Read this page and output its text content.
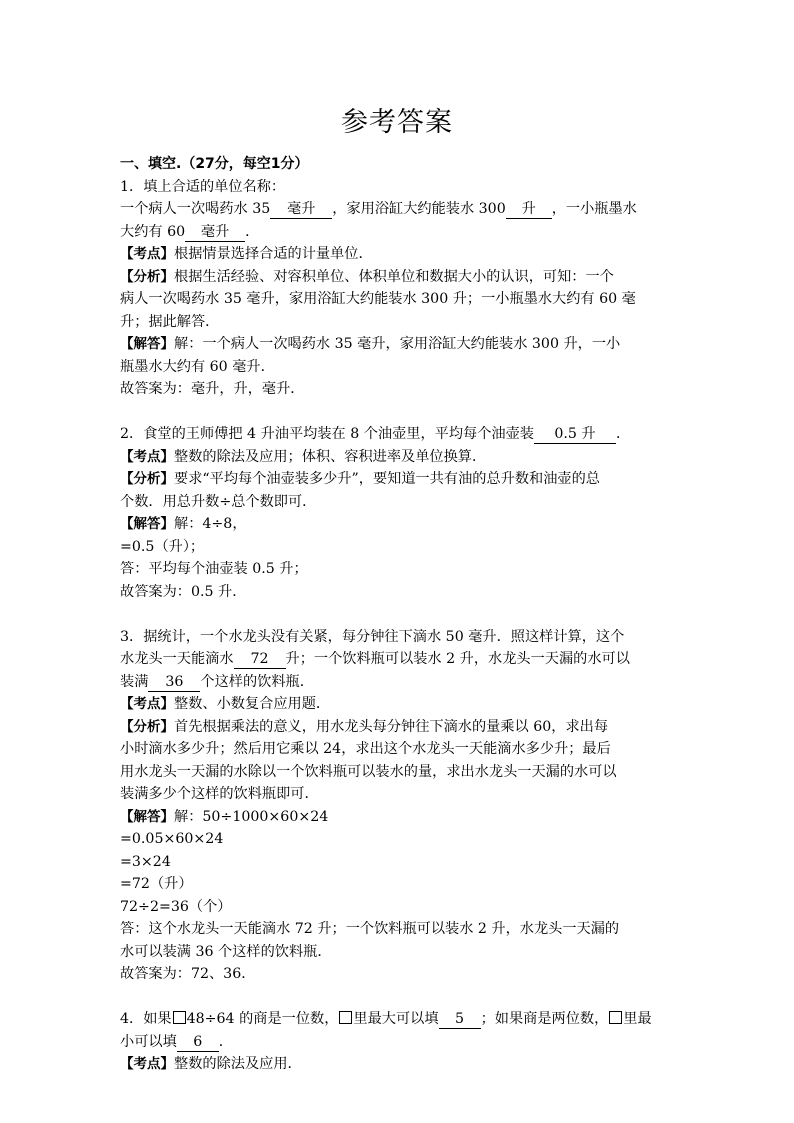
参考答案
一、填空.（27分，每空1分）
1．填上合适的单位名称：
一个病人一次喝药水 35 毫升 ，家用浴缸大约能装水 300 升 ，一小瓶墨水
大约有 60 毫升 ．
【考点】根据情景选择合适的计量单位．
【分析】根据生活经验、对容积单位、体积单位和数据大小的认识，可知：一个
病人一次喝药水 35 毫升，家用浴缸大约能装水 300 升；一小瓶墨水大约有 60 毫
升；据此解答．
【解答】解：一个病人一次喝药水 35 毫升，家用浴缸大约能装水 300 升，一小
瓶墨水大约有 60 毫升．
故答案为：毫升，升，毫升．
2．食堂的王师傅把 4 升油平均装在 8 个油壶里，平均每个油壶装 0.5 升 ．
【考点】整数的除法及应用；体积、容积进率及单位换算．
【分析】要求“平均每个油壶装多少升”，要知道一共有油的总升数和油壶的总
个数．用总升数÷总个数即可．
【解答】解：4÷8，
=0.5（升）；
答：平均每个油壶装 0.5 升；
故答案为：0.5 升．
3．据统计，一个水龙头没有关紧，每分钟往下滴水 50 毫升．照这样计算，这个
水龙头一天能滴水 72 升；一个饮料瓶可以装水 2 升，水龙头一天漏的水可以
装满 36 个这样的饮料瓶．
【考点】整数、小数复合应用题．
【分析】首先根据乘法的意义，用水龙头每分钟往下滴水的量乘以 60，求出每
小时滴水多少升；然后用它乘以 24，求出这个水龙头一天能滴水多少升；最后
用水龙头一天漏的水除以一个饮料瓶可以装水的量，求出水龙头一天漏的水可以
装满多少个这样的饮料瓶即可．
【解答】解：50÷1000×60×24
=0.05×60×24
=3×24
=72（升）
72÷2=36（个）
答：这个水龙头一天能滴水 72 升；一个饮料瓶可以装水 2 升，水龙头一天漏的
水可以装满 36 个这样的饮料瓶．
故答案为：72、36．
4．如果 48÷64 的商是一位数， 里最大可以填 5 ；如果商是两位数， 里最
小可以填 6 ．
【考点】整数的除法及应用．
